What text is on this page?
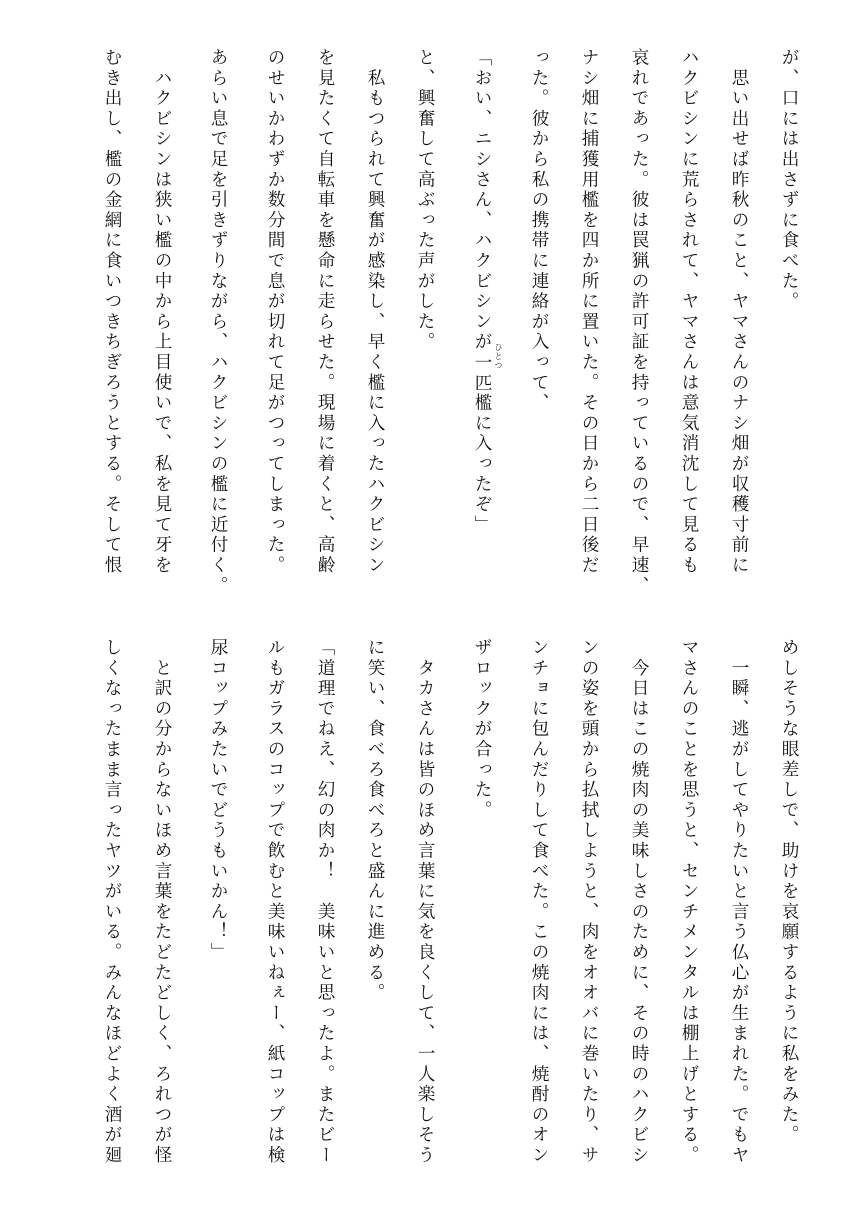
が、口には出さずに食べた。
　思い出せば昨秋のこと、ヤマさんのナシ畑が収穫寸前に
ハクビシンに荒らされて、ヤマさんは意気消沈して見るも
哀れであった。彼は罠猟の許可証を持っているので、早速、
ナシ畑に捕獲用檻を四か所に置いた。その日から二日後だ
った。彼から私の携帯に連絡が入って、
「おい、ニシさん、ハクビシンが一匹 ひとつ
檻に入ったぞ」
と、興奮して高ぶった声がした。
　私もつられて興奮が感染し、早く檻に入ったハクビシン
を見たくて自転車を懸命に走らせた。現場に着くと、高齢
のせいかわずか数分間で息が切れて足がつってしまった。
あらい息で足を引きずりながら、ハクビシンの檻に近付く。
　ハクビシンは狭い檻の中から上目使いで、私を見て牙を
むき出し、檻の金網に食いつきちぎろうとする。そして恨
めしそうな眼差しで、助けを哀願するように私をみた。
　一瞬、逃がしてやりたいと言う仏心が生まれた。でもヤ
マさんのことを思うと、センチメンタルは棚上げとする。
　今日はこの焼肉の美味しさのために、その時のハクビシ
ンの姿を頭から払拭しようと、肉をオオバに巻いたり、サ
ンチョに包んだりして食べた。この焼肉には、焼酎のオン
ザロックが合った。
　タカさんは皆のほめ言葉に気を良くして、一人楽しそう
に笑い、食べろ食べろと盛んに進める。
「道理でねえ、幻の肉か！　美味いと思ったよ。またビー
ルもガラスのコップで飲むと美味いねぇー、紙コップは検
尿コップみたいでどうもいかん！」
　と訳の分からないほめ言葉をたどたどしく、ろれつが怪
しくなったまま言ったヤツがいる。みんなほどよく酒が廻
